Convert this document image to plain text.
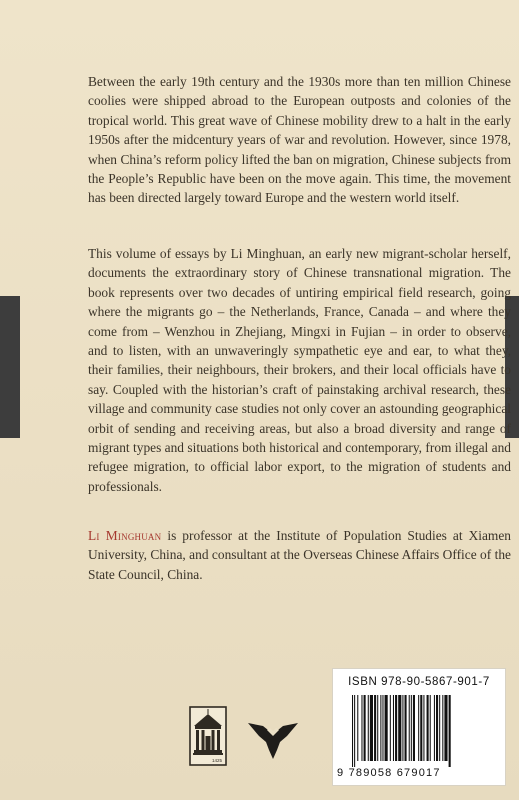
Between the early 19th century and the 1930s more than ten million Chinese coolies were shipped abroad to the European outposts and colonies of the tropical world. This great wave of Chinese mobility drew to a halt in the early 1950s after the midcentury years of war and revolution. However, since 1978, when China’s reform policy lifted the ban on migration, Chinese subjects from the People’s Republic have been on the move again. This time, the movement has been directed largely toward Europe and the western world itself.

This volume of essays by Li Minghuan, an early new migrant-scholar herself, documents the extraordinary story of Chinese transnational migration. The book represents over two decades of untiring empirical field research, going where the migrants go – the Netherlands, France, Canada – and where they come from – Wenzhou in Zhejiang, Mingxi in Fujian – in order to observe, and to listen, with an unwaveringly sympathetic eye and ear, to what they, their families, their neighbours, their brokers, and their local officials have to say. Coupled with the historian’s craft of painstaking archival research, these village and community case studies not only cover an astounding geographical orbit of sending and receiving areas, but also a broad diversity and range of migrant types and situations both historical and contemporary, from illegal and refugee migration, to official labor export, to the migration of students and professionals.

Li Minghuan is professor at the Institute of Population Studies at Xiamen University, China, and consultant at the Overseas Chinese Affairs Office of the State Council, China.

1425
ISBN 978-90-5867-901-7
9 789058 679017
